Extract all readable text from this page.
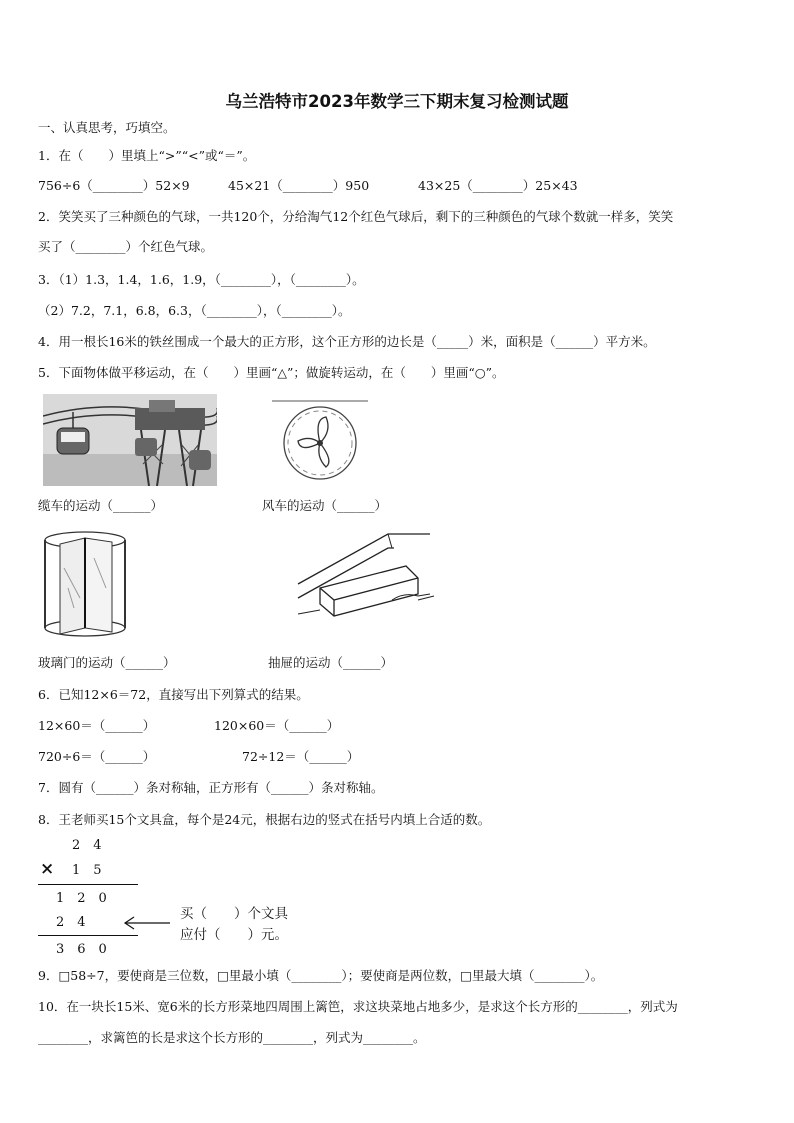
乌兰浩特市2023年数学三下期末复习检测试题
一、认真思考，巧填空。
1．在（　　）里填上“>”“<”或“＝”。
756÷6（________）52×9	45×21（________）950	43×25（________）25×43
2．笑笑买了三种颜色的气球，一共120个，分给淘气12个红色气球后，剩下的三种颜色的气球个数就一样多，笑笑
买了（________）个红色气球。
3．（1）1.3，1.4，1.6，1.9，（________），（________）。
（2）7.2，7.1，6.8，6.3，（________），（________）。
4．用一根长16米的铁丝围成一个最大的正方形，这个正方形的边长是（_____）米，面积是（______）平方米。
5．下面物体做平移运动，在（　　）里画“△”；做旋转运动，在（　　）里画“○”。
缆车的运动（______）	风车的运动（______）
玻璃门的运动（______）	抽屉的运动（______）
6．已知12×6＝72，直接写出下列算式的结果。
12×60＝（______）	120×60＝（______）
720÷6＝（______）	72÷12＝（______）
7．圆有（______）条对称轴，正方形有（______）条对称轴。
8．王老师买15个文具盒，每个是24元，根据右边的竖式在括号内填上合适的数。
2　4
× 1　5
1　2　0
2　4
3　6　0
买（　　）个文具
应付（　　）元。
9．□58÷7，要使商是三位数，□里最小填（________）；要使商是两位数，□里最大填（________）。
10．在一块长15米、宽6米的长方形菜地四周围上篱笆，求这块菜地占地多少，是求这个长方形的________，列式为
________，求篱笆的长是求这个长方形的________，列式为________。
